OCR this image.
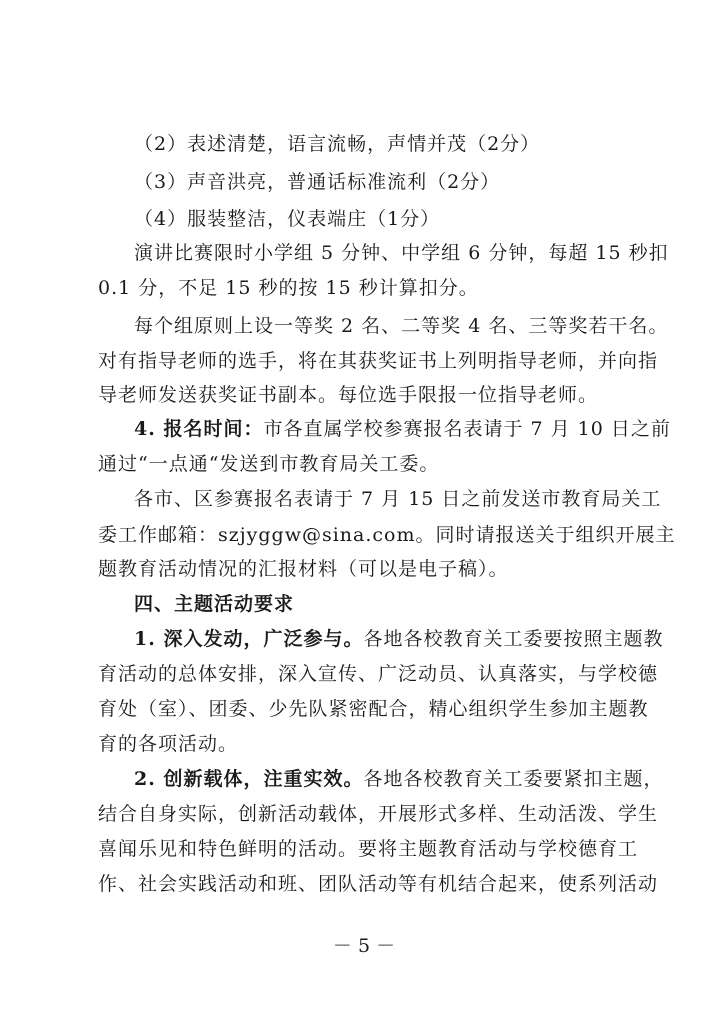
（2）表述清楚，语言流畅，声情并茂（2分）
（3）声音洪亮，普通话标准流利（2分）
（4）服装整洁，仪表端庄（1分）
演讲比赛限时小学组 5 分钟、中学组 6 分钟，每超 15 秒扣
0.1 分，不足 15 秒的按 15 秒计算扣分。
每个组原则上设一等奖 2 名、二等奖 4 名、三等奖若干名。
对有指导老师的选手，将在其获奖证书上列明指导老师，并向指
导老师发送获奖证书副本。每位选手限报一位指导老师。
4. 报名时间：市各直属学校参赛报名表请于 7 月 10 日之前
通过“一点通“发送到市教育局关工委。
各市、区参赛报名表请于 7 月 15 日之前发送市教育局关工
委工作邮箱：szjyggw@sina.com。同时请报送关于组织开展主
题教育活动情况的汇报材料（可以是电子稿）。
四、主题活动要求
1. 深入发动，广泛参与。各地各校教育关工委要按照主题教
育活动的总体安排，深入宣传、广泛动员、认真落实，与学校德
育处（室）、团委、少先队紧密配合，精心组织学生参加主题教
育的各项活动。
2. 创新载体，注重实效。各地各校教育关工委要紧扣主题，
结合自身实际，创新活动载体，开展形式多样、生动活泼、学生
喜闻乐见和特色鲜明的活动。要将主题教育活动与学校德育工
作、社会实践活动和班、团队活动等有机结合起来，使系列活动
－ 5 －
